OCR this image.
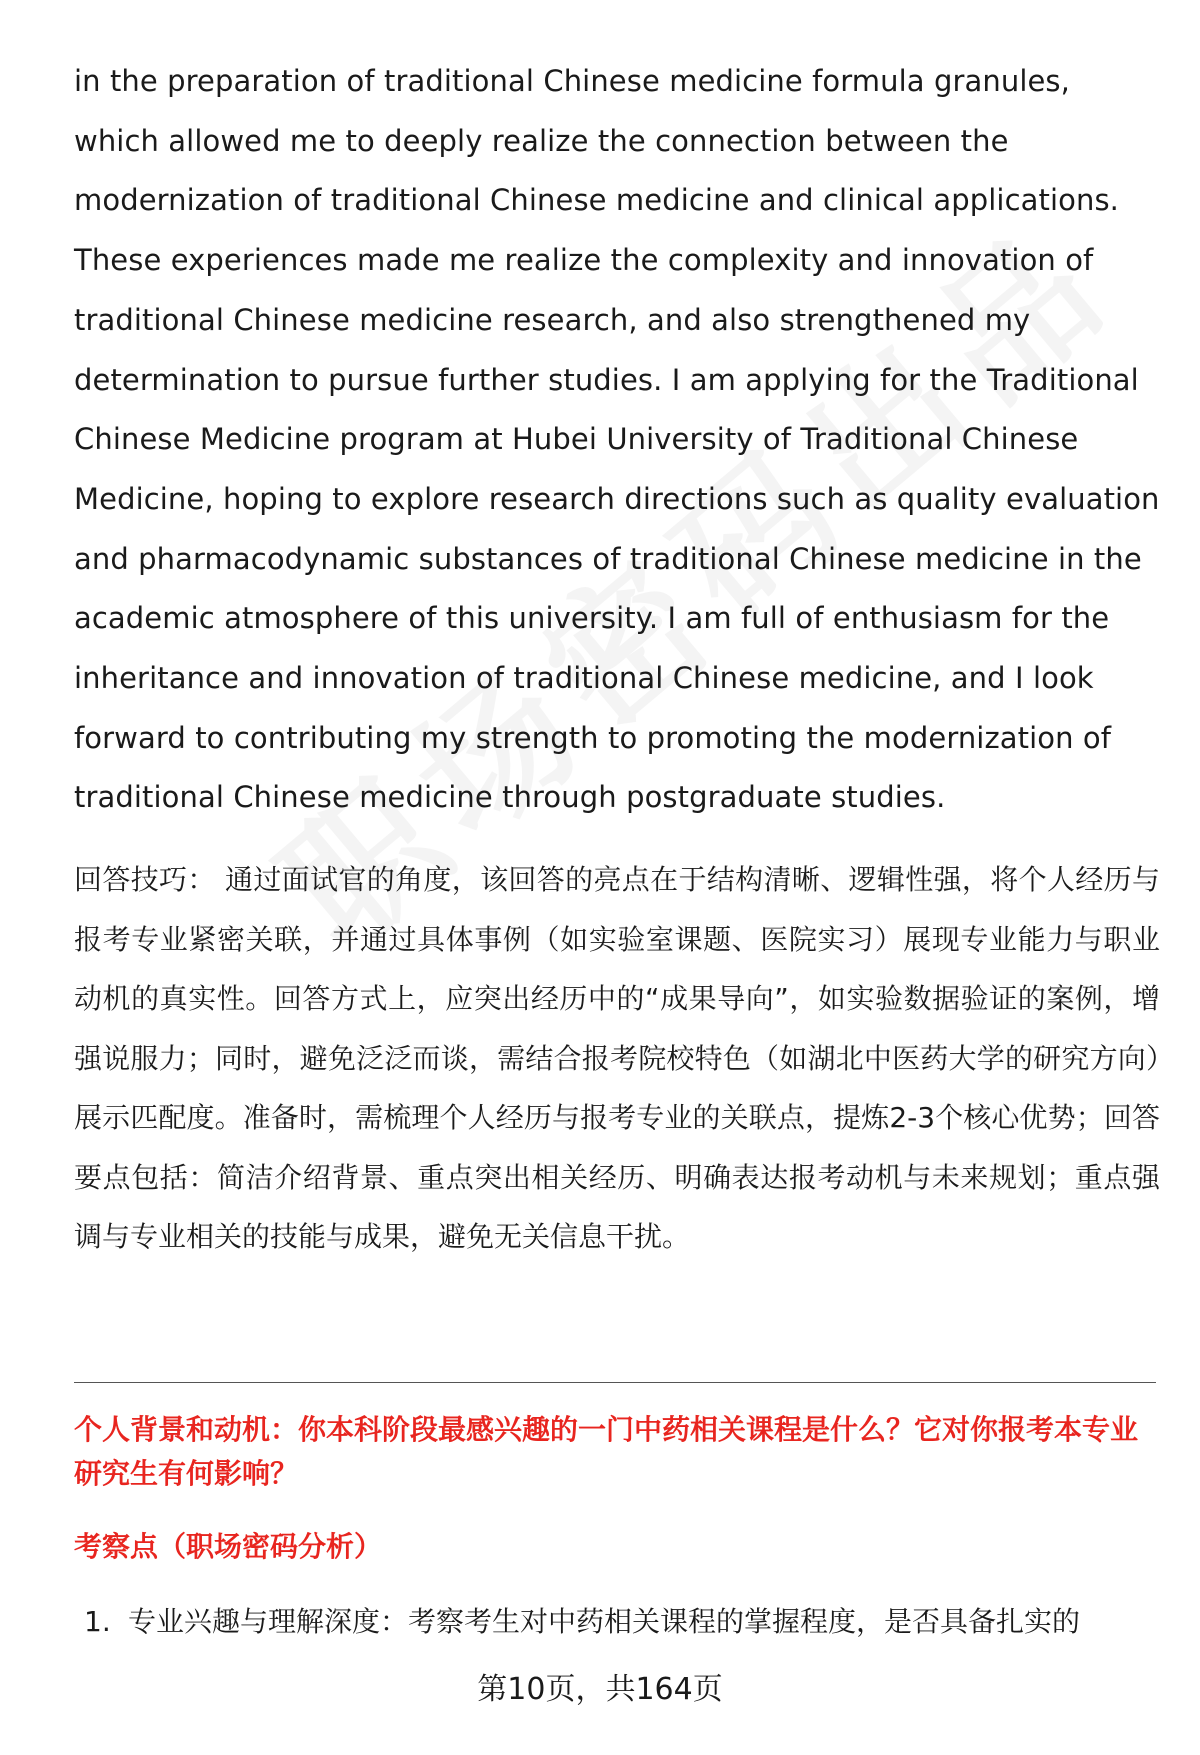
in the preparation of traditional Chinese medicine formula granules, which allowed me to deeply realize the connection between the modernization of traditional Chinese medicine and clinical applications. These experiences made me realize the complexity and innovation of traditional Chinese medicine research, and also strengthened my determination to pursue further studies. I am applying for the Traditional Chinese Medicine program at Hubei University of Traditional Chinese Medicine, hoping to explore research directions such as quality evaluation and pharmacodynamic substances of traditional Chinese medicine in the academic atmosphere of this university. I am full of enthusiasm for the inheritance and innovation of traditional Chinese medicine, and I look forward to contributing my strength to promoting the modernization of traditional Chinese medicine through postgraduate studies.

回答技巧： 通过面试官的角度，该回答的亮点在于结构清晰、逻辑性强，将个人经历与报考专业紧密关联，并通过具体事例（如实验室课题、医院实习）展现专业能力与职业动机的真实性。回答方式上，应突出经历中的“成果导向”，如实验数据验证的案例，增强说服力；同时，避免泛泛而谈，需结合报考院校特色（如湖北中医药大学的研究方向）展示匹配度。准备时，需梳理个人经历与报考专业的关联点，提炼2-3个核心优势；回答要点包括：简洁介绍背景、重点突出相关经历、明确表达报考动机与未来规划；重点强调与专业相关的技能与成果，避免无关信息干扰。

个人背景和动机：你本科阶段最感兴趣的一门中药相关课程是什么？它对你报考本专业研究生有何影响？

考察点（职场密码分析）

1. 专业兴趣与理解深度：考察考生对中药相关课程的掌握程度，是否具备扎实的
第10页，共164页
